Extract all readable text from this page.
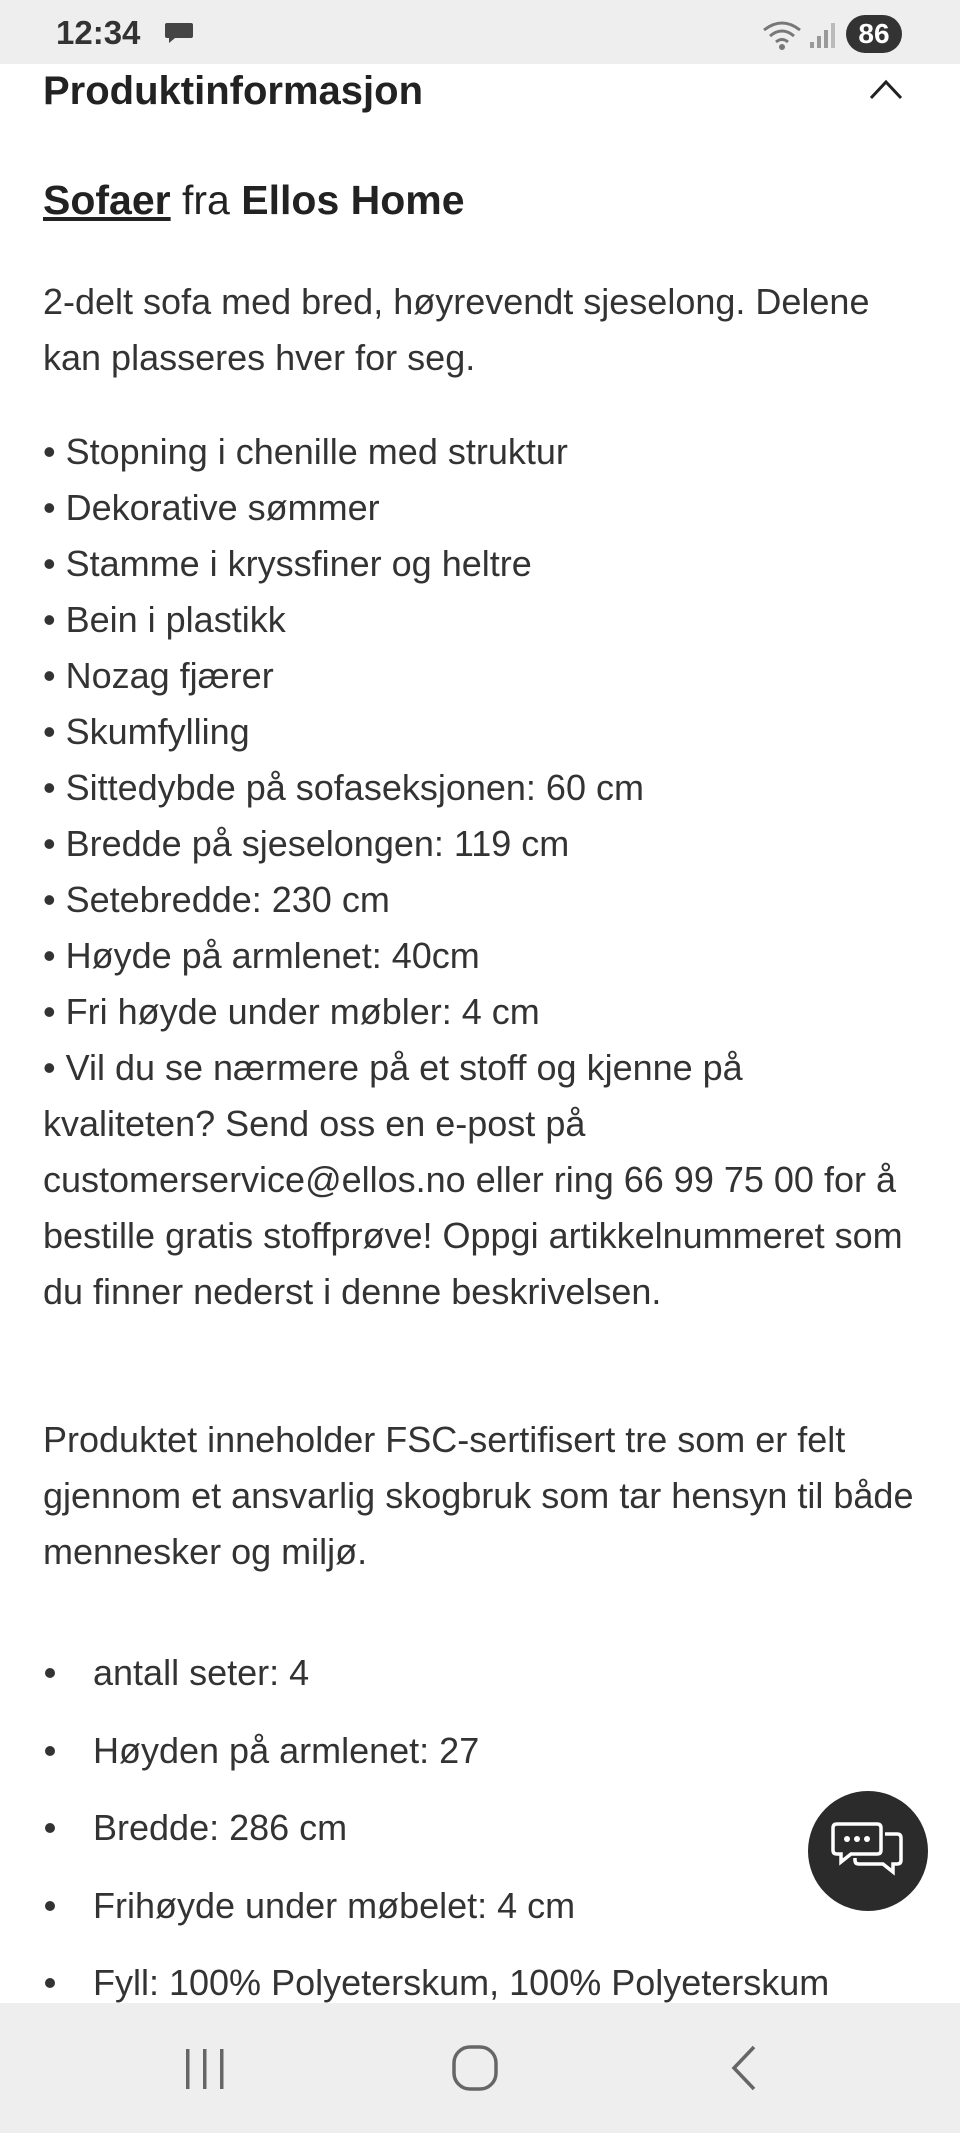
12:34	86
Produktinformasjon

Sofaer fra Ellos Home

2-delt sofa med bred, høyrevendt sjeselong. Delene kan plasseres hver for seg.

• Stopning i chenille med struktur
• Dekorative sømmer
• Stamme i kryssfiner og heltre
• Bein i plastikk
• Nozag fjærer
• Skumfylling
• Sittedybde på sofaseksjonen: 60 cm
• Bredde på sjeselongen: 119 cm
• Setebredde: 230 cm
• Høyde på armlenet: 40cm
• Fri høyde under møbler: 4 cm
• Vil du se nærmere på et stoff og kjenne på kvaliteten? Send oss en e-post på customerservice@ellos.no eller ring 66 99 75 00 for å bestille gratis stoffprøve! Oppgi artikkelnummeret som du finner nederst i denne beskrivelsen.

Produktet inneholder FSC-sertifisert tre som er felt gjennom et ansvarlig skogbruk som tar hensyn til både mennesker og miljø.

antall seter: 4
Høyden på armlenet: 27
Bredde: 286 cm
Frihøyde under møbelet: 4 cm
Fyll: 100% Polyeterskum, 100% Polyeterskum
